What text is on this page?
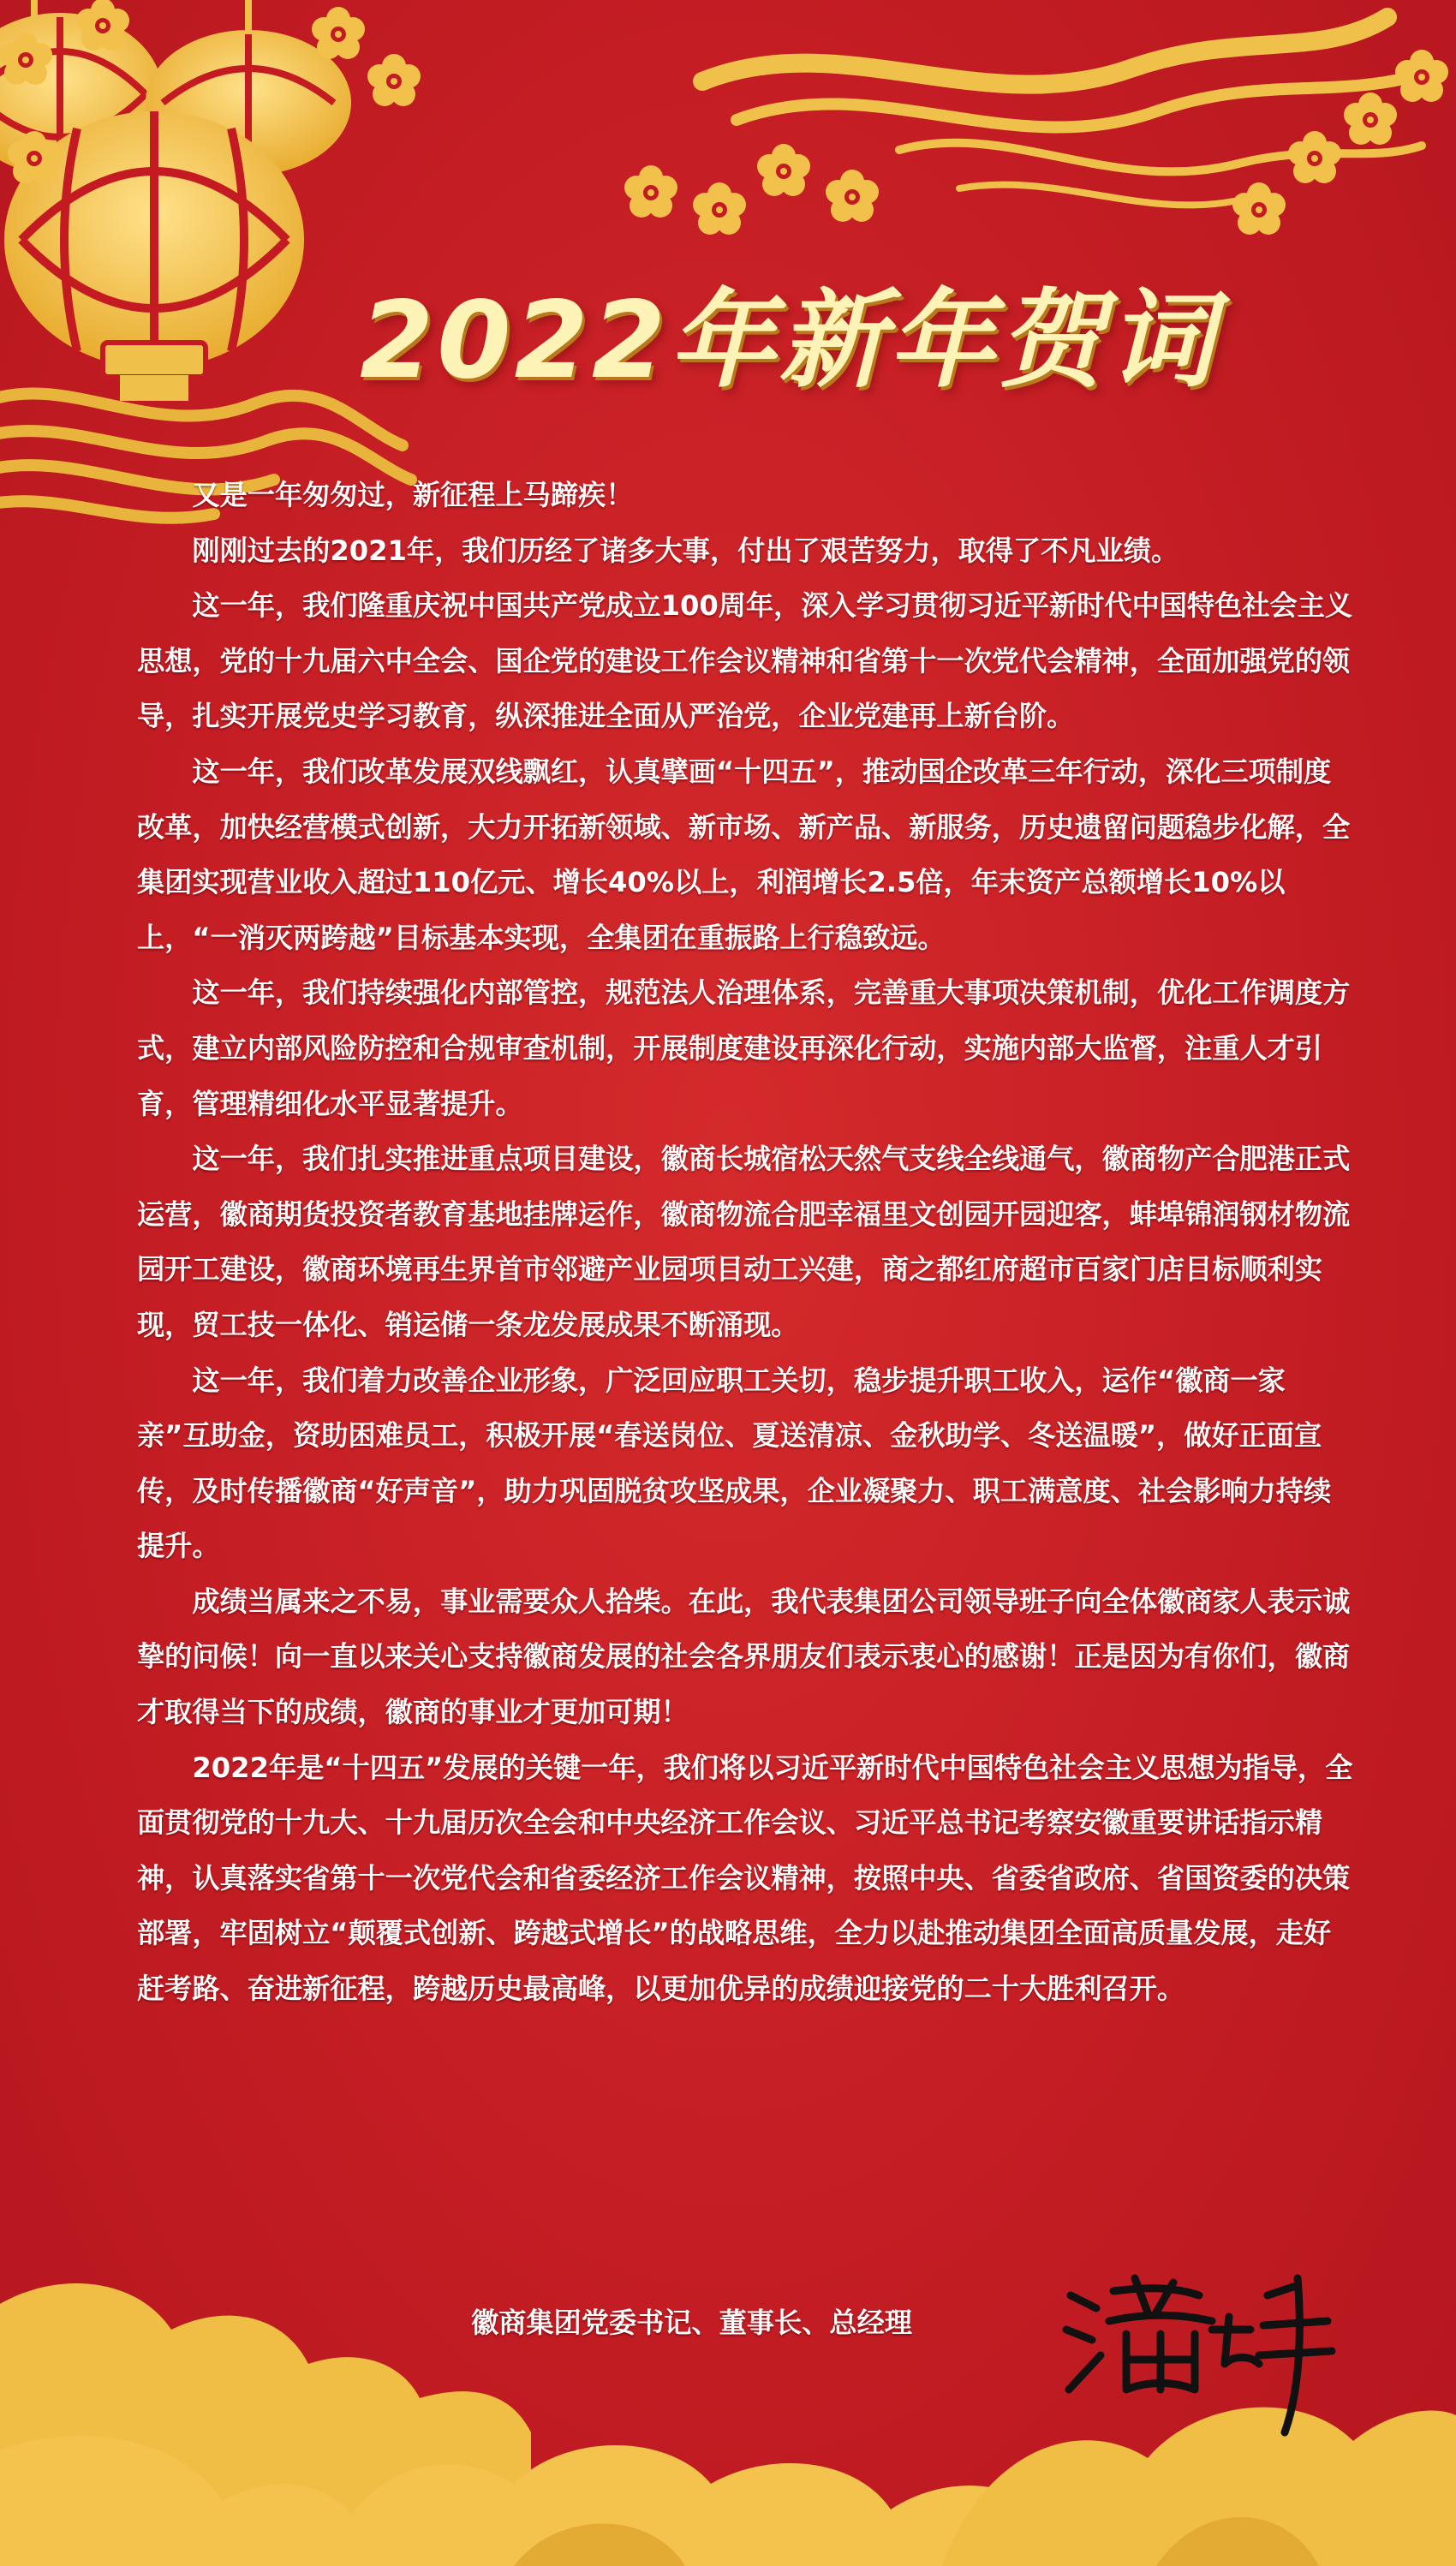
2022年新年贺词

又是一年匆匆过，新征程上马蹄疾！

刚刚过去的2021年，我们历经了诸多大事，付出了艰苦努力，取得了不凡业绩。

这一年，我们隆重庆祝中国共产党成立100周年，深入学习贯彻习近平新时代中国特色社会主义思想，党的十九届六中全会、国企党的建设工作会议精神和省第十一次党代会精神，全面加强党的领导，扎实开展党史学习教育，纵深推进全面从严治党，企业党建再上新台阶。

这一年，我们改革发展双线飘红，认真擘画“十四五”，推动国企改革三年行动，深化三项制度改革，加快经营模式创新，大力开拓新领域、新市场、新产品、新服务，历史遗留问题稳步化解，全集团实现营业收入超过110亿元、增长40%以上，利润增长2.5倍，年末资产总额增长10%以上，“一消灭两跨越”目标基本实现，全集团在重振路上行稳致远。

这一年，我们持续强化内部管控，规范法人治理体系，完善重大事项决策机制，优化工作调度方式，建立内部风险防控和合规审查机制，开展制度建设再深化行动，实施内部大监督，注重人才引育，管理精细化水平显著提升。

这一年，我们扎实推进重点项目建设，徽商长城宿松天然气支线全线通气，徽商物产合肥港正式运营，徽商期货投资者教育基地挂牌运作，徽商物流合肥幸福里文创园开园迎客，蚌埠锦润钢材物流园开工建设，徽商环境再生界首市邻避产业园项目动工兴建，商之都红府超市百家门店目标顺利实现，贸工技一体化、销运储一条龙发展成果不断涌现。

这一年，我们着力改善企业形象，广泛回应职工关切，稳步提升职工收入，运作“徽商一家亲”互助金，资助困难员工，积极开展“春送岗位、夏送清凉、金秋助学、冬送温暖”，做好正面宣传，及时传播徽商“好声音”，助力巩固脱贫攻坚成果，企业凝聚力、职工满意度、社会影响力持续提升。

成绩当属来之不易，事业需要众人拾柴。在此，我代表集团公司领导班子向全体徽商家人表示诚挚的问候！向一直以来关心支持徽商发展的社会各界朋友们表示衷心的感谢！正是因为有你们，徽商才取得当下的成绩，徽商的事业才更加可期！

2022年是“十四五”发展的关键一年，我们将以习近平新时代中国特色社会主义思想为指导，全面贯彻党的十九大、十九届历次全会和中央经济工作会议、习近平总书记考察安徽重要讲话指示精神，认真落实省第十一次党代会和省委经济工作会议精神，按照中央、省委省政府、省国资委的决策部署，牢固树立“颠覆式创新、跨越式增长”的战略思维，全力以赴推动集团全面高质量发展，走好赶考路、奋进新征程，跨越历史最高峰，以更加优异的成绩迎接党的二十大胜利召开。

徽商集团党委书记、董事长、总经理
